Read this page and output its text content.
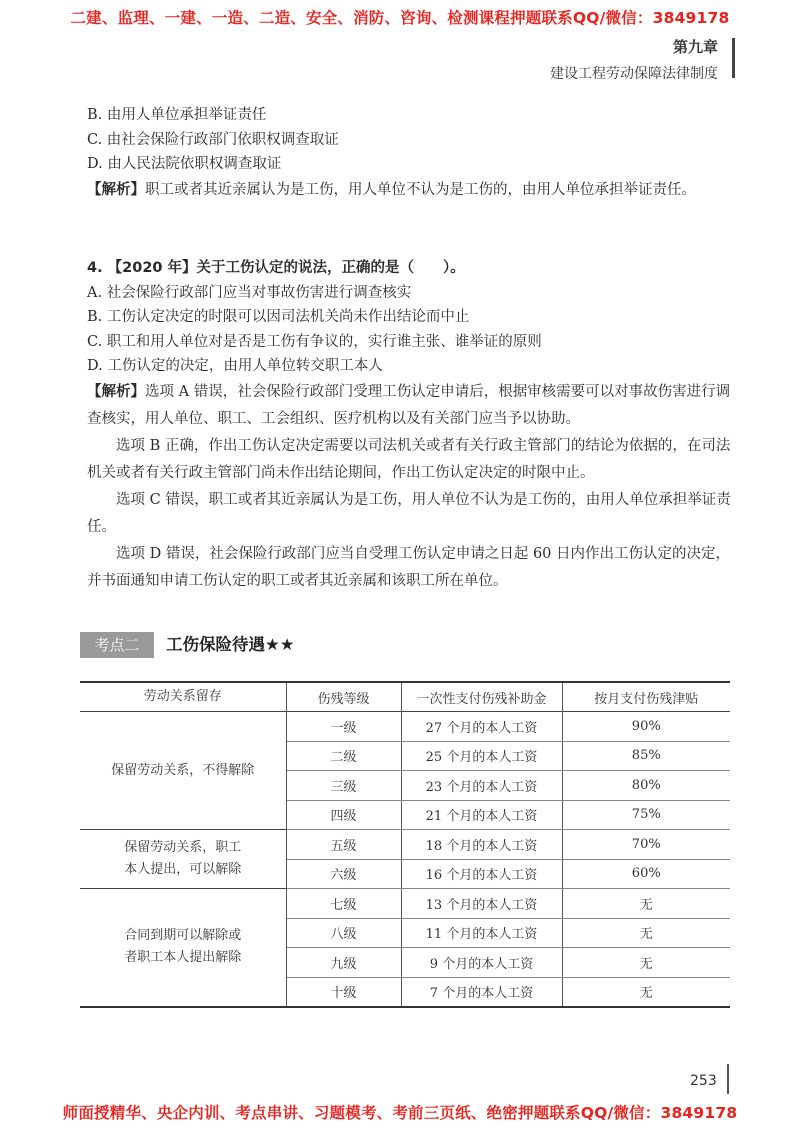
二建、监理、一建、一造、二造、安全、消防、咨询、检测课程押题联系QQ/微信：3849178
第九章
建设工程劳动保障法律制度

B. 由用人单位承担举证责任

C. 由社会保险行政部门依职权调查取证

D. 由人民法院依职权调查取证

【解析】职工或者其近亲属认为是工伤，用人单位不认为是工伤的，由用人单位承担举证责任。

4. 【2020 年】关于工伤认定的说法，正确的是（　　）。

A. 社会保险行政部门应当对事故伤害进行调查核实

B. 工伤认定决定的时限可以因司法机关尚未作出结论而中止

C. 职工和用人单位对是否是工伤有争议的，实行谁主张、谁举证的原则

D. 工伤认定的决定，由用人单位转交职工本人

【解析】选项 A 错误，社会保险行政部门受理工伤认定申请后，根据审核需要可以对事故伤害进行调查核实，用人单位、职工、工会组织、医疗机构以及有关部门应当予以协助。

选项 B 正确，作出工伤认定决定需要以司法机关或者有关行政主管部门的结论为依据的，在司法机关或者有关行政主管部门尚未作出结论期间，作出工伤认定决定的时限中止。

选项 C 错误，职工或者其近亲属认为是工伤，用人单位不认为是工伤的，由用人单位承担举证责任。

选项 D 错误，社会保险行政部门应当自受理工伤认定申请之日起 60 日内作出工伤认定的决定，并书面通知申请工伤认定的职工或者其近亲属和该职工所在单位。

考点二	工伤保险待遇★★
劳动关系留存	伤残等级	一次性支付伤残补助金	按月支付伤残津贴
保留劳动关系，不得解除	一级	27 个月的本人工资	90%
	二级	25 个月的本人工资	85%
	三级	23 个月的本人工资	80%
	四级	21 个月的本人工资	75%

保留劳动关系，职工
本人提出，可以解除	五级	18 个月的本人工资	70%
	六级	16 个月的本人工资	60%

合同到期可以解除或
者职工本人提出解除	七级	13 个月的本人工资	无
	八级	11 个月的本人工资	无
	九级	9 个月的本人工资	无
	十级	7 个月的本人工资	无
253
师面授精华、央企内训、考点串讲、习题模考、考前三页纸、绝密押题联系QQ/微信：3849178
